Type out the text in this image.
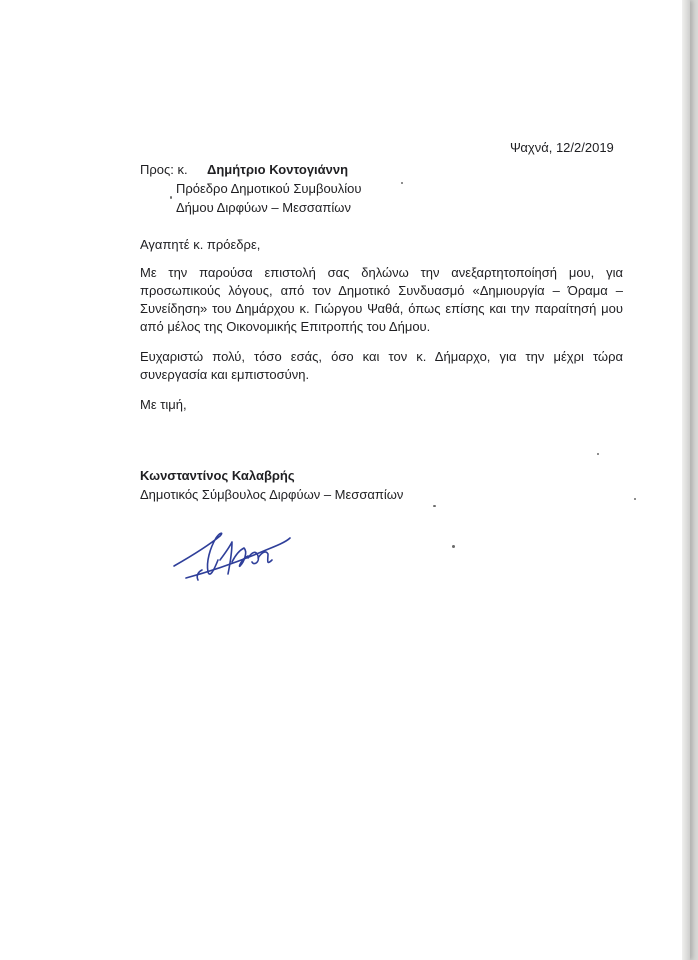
Ψαχνά, 12/2/2019
Προς: κ. Δημήτριο Κοντογιάννη
Πρόεδρο Δημοτικού Συμβουλίου
Δήμου Διρφύων – Μεσσαπίων
Αγαπητέ κ. πρόεδρε,
Με την παρούσα επιστολή σας δηλώνω την ανεξαρτητοποίησή μου, για προσωπικούς λόγους, από τον Δημοτικό Συνδυασμό «Δημιουργία – Όραμα – Συνείδηση» του Δημάρχου κ. Γιώργου Ψαθά, όπως επίσης και την παραίτησή μου από μέλος της Οικονομικής Επιτροπής του Δήμου.
Ευχαριστώ πολύ, τόσο εσάς, όσο και τον κ. Δήμαρχο, για την μέχρι τώρα συνεργασία και εμπιστοσύνη.
Με τιμή,
Κωνσταντίνος Καλαβρής
Δημοτικός Σύμβουλος Διρφύων – Μεσσαπίων
